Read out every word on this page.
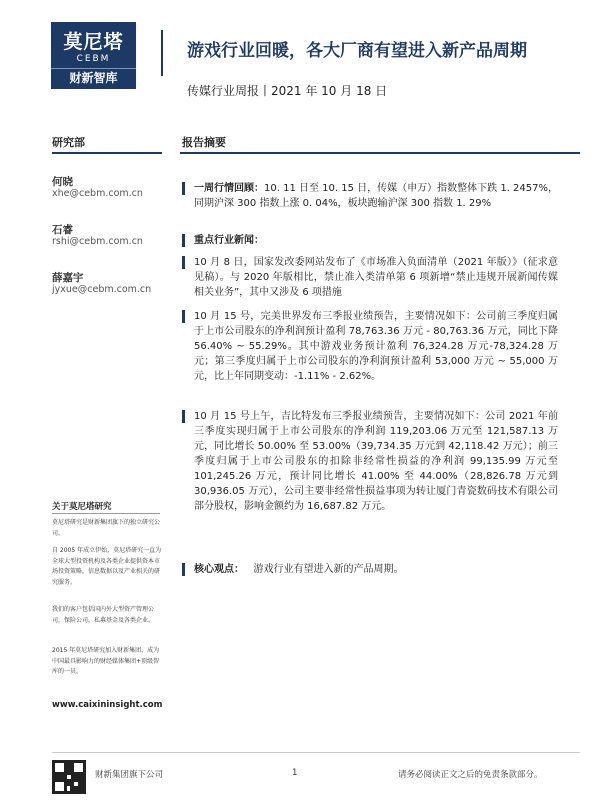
莫尼塔
CEBM
财新智库
游戏行业回暖，各大厂商有望进入新产品周期
传媒行业周报丨2021 年 10 月 18 日
研究部	报告摘要
何晓
xhe@cebm.com.cn
石睿
rshi@cebm.com.cn
薛嘉宇
jyxue@cebm.com.cn
关于莫尼塔研究
莫尼塔研究是财新集团旗下的独立研究公司。
自 2005 年成立伊始，莫尼塔研究一直为全球大型投资机构及各类企业提供资本市场投资策略，信息数据以及产业相关的研究服务。
我们的客户包括国内外大型资产管理公司，保险公司，私募基金及各类企业。
2015 年莫尼塔研究加入财新集团，成为中国最具影响力的财经媒体集团+顶级智库的一员。
www.caixininsight.com
一周行情回顾：10. 11 日至 10. 15 日，传媒（申万）指数整体下跌 1. 2457%，同期沪深 300 指数上涨 0. 04%，板块跑输沪深 300 指数 1. 29%
重点行业新闻：
10 月 8 日，国家发改委网站发布了《市场准入负面清单（2021 年版）》（征求意见稿）。与 2020 年版相比，禁止准入类清单第 6 项新增“禁止违规开展新闻传媒相关业务”，其中又涉及 6 项措施
10 月 15 号，完美世界发布三季报业绩预告，主要情况如下：公司前三季度归属于上市公司股东的净利润预计盈利 78,763.36 万元 - 80,763.36 万元，同比下降 56.40% ~ 55.29%。其中游戏业务预计盈利 76,324.28 万元-78,324.28 万元；第三季度归属于上市公司股东的净利润预计盈利 53,000 万元 ~ 55,000 万元，比上年同期变动：-1.11% - 2.62%。
10 月 15 号上午，吉比特发布三季报业绩预告，主要情况如下：公司 2021 年前三季度实现归属于上市公司股东的净利润 119,203.06 万元至 121,587.13 万元，同比增长 50.00% 至 53.00%（39,734.35 万元到 42,118.42 万元）；前三季度归属于上市公司股东的扣除非经常性损益的净利润 99,135.99 万元至 101,245.26 万元，预计同比增长 41.00% 至 44.00%（28,826.78 万元到 30,936.05 万元），公司主要非经常性损益事项为转让厦门青瓷数码技术有限公司部分股权，影响金额约为 16,687.82 万元。
核心观点： 游戏行业有望进入新的产品周期。
财新集团旗下公司	1	请务必阅读正文之后的免责条款部分。
